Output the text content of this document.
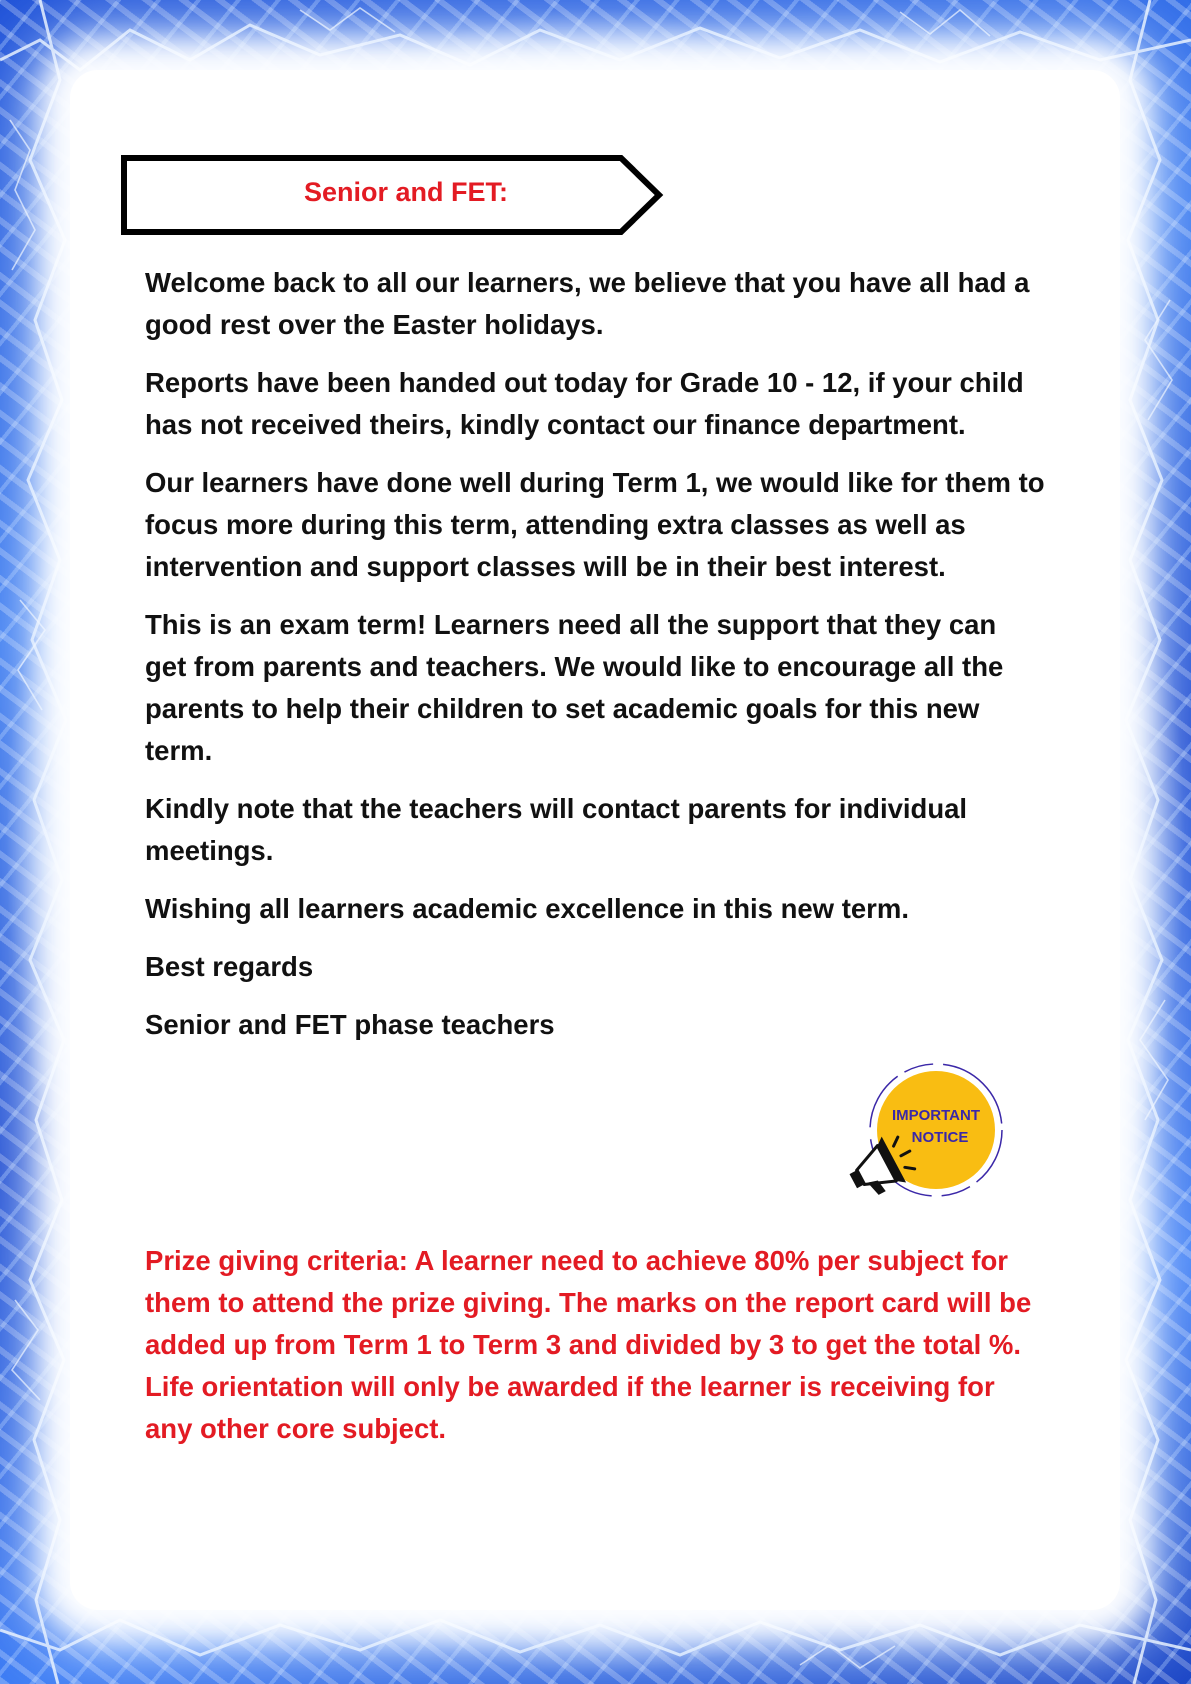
Senior and FET:

Welcome back to all our learners, we believe that you have all had a good rest over the Easter holidays.

Reports have been handed out today for Grade 10 - 12, if your child has not received theirs, kindly contact our finance department.

Our learners have done well during Term 1, we would like for them to focus more during this term, attending extra classes as well as intervention and support classes will be in their best interest.

This is an exam term! Learners need all the support that they can get from parents and teachers. We would like to encourage all the parents to help their children to set academic goals for this new term.

Kindly note that the teachers will contact parents for individual meetings.

Wishing all learners academic excellence in this new term.

Best regards

Senior and FET phase teachers

IMPORTANT
NOTICE

Prize giving criteria: A learner need to achieve 80% per subject for them to attend the prize giving. The marks on the report card will be added up from Term 1 to Term 3 and divided by 3 to get the total %. Life orientation will only be awarded if the learner is receiving for any other core subject.
